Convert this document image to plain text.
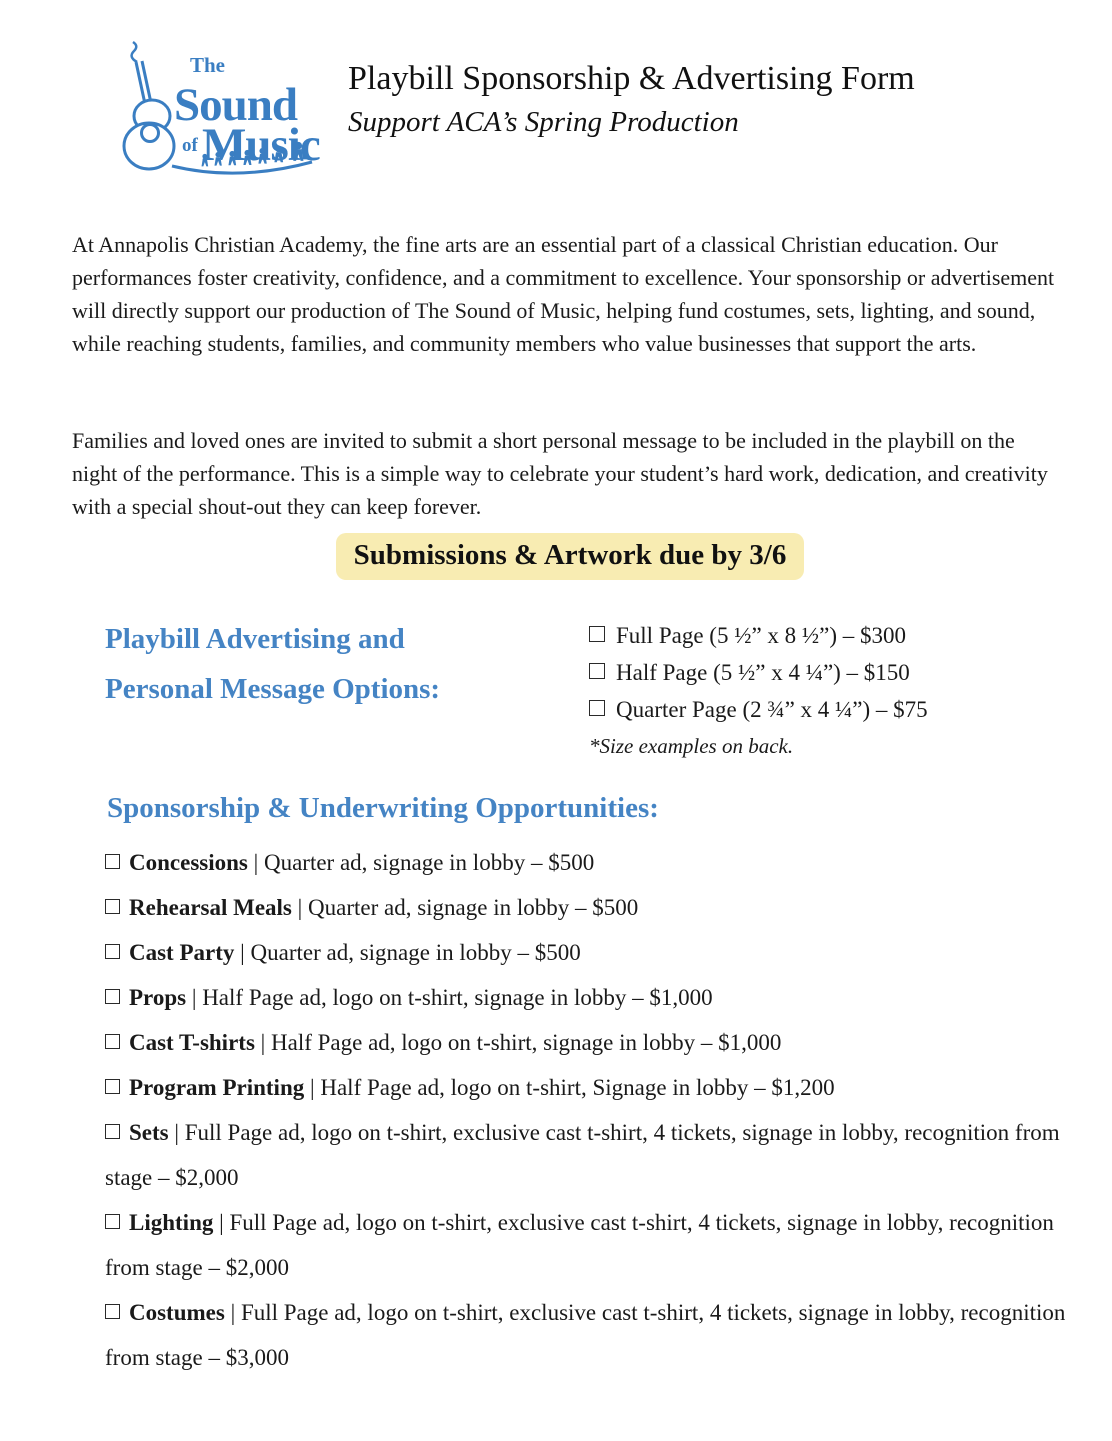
The
Sound
of Music
Playbill Sponsorship & Advertising Form
Support ACA’s Spring Production

At Annapolis Christian Academy, the fine arts are an essential part of a classical Christian education. Our performances foster creativity, confidence, and a commitment to excellence. Your sponsorship or advertisement will directly support our production of The Sound of Music, helping fund costumes, sets, lighting, and sound, while reaching students, families, and community members who value businesses that support the arts.

Families and loved ones are invited to submit a short personal message to be included in the playbill on the night of the performance. This is a simple way to celebrate your student’s hard work, dedication, and creativity with a special shout-out they can keep forever.

Submissions & Artwork due by 3/6
Playbill Advertising and
Personal Message Options:
Full Page (5 ½” x 8 ½”) – $300
Half Page (5 ½” x 4 ¼”) – $150
Quarter Page (2 ¾” x 4 ¼”) – $75
*Size examples on back.
Sponsorship & Underwriting Opportunities:
Concessions | Quarter ad, signage in lobby – $500
Rehearsal Meals | Quarter ad, signage in lobby – $500
Cast Party | Quarter ad, signage in lobby – $500
Props | Half Page ad, logo on t-shirt, signage in lobby – $1,000
Cast T-shirts | Half Page ad, logo on t-shirt, signage in lobby – $1,000
Program Printing | Half Page ad, logo on t-shirt, Signage in lobby – $1,200
Sets | Full Page ad, logo on t-shirt, exclusive cast t-shirt, 4 tickets, signage in lobby, recognition from stage – $2,000
Lighting | Full Page ad, logo on t-shirt, exclusive cast t-shirt, 4 tickets, signage in lobby, recognition from stage – $2,000
Costumes | Full Page ad, logo on t-shirt, exclusive cast t-shirt, 4 tickets, signage in lobby, recognition from stage – $3,000
